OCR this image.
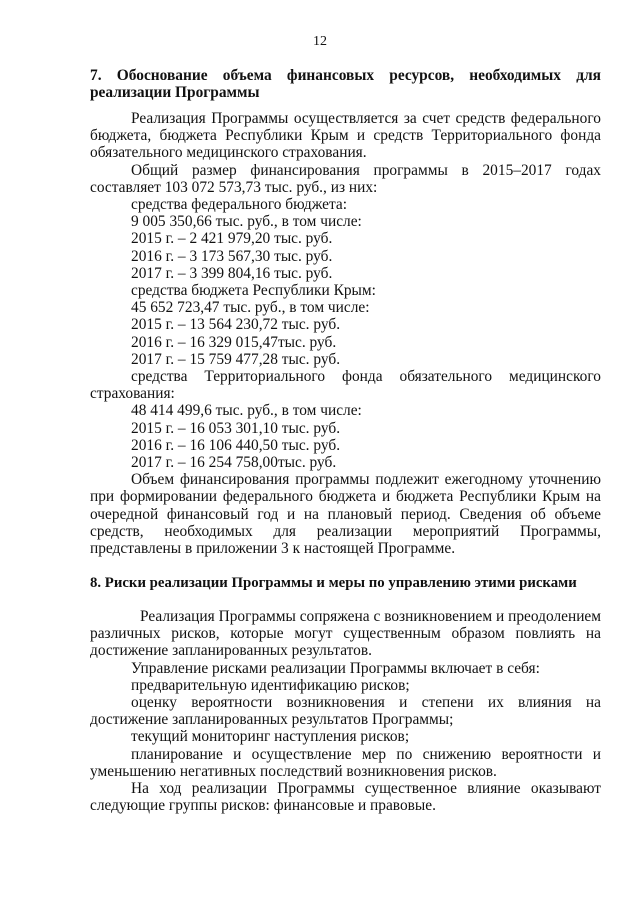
12

7. Обоснование объема финансовых ресурсов, необходимых для

реализации Программы

Реализация Программы осуществляется за счет средств федерального

бюджета, бюджета Республики Крым и средств Территориального фонда

обязательного медицинского страхования.

Общий размер финансирования программы в 2015–2017 годах

составляет 103 072 573,73 тыс. руб., из них:

средства федерального бюджета:

9 005 350,66 тыс. руб., в том числе:

2015 г. – 2 421 979,20 тыс. руб.

2016 г. – 3 173 567,30 тыс. руб.

2017 г. – 3 399 804,16 тыс. руб.

средства бюджета Республики Крым:

45 652 723,47 тыс. руб., в том числе:

2015 г. – 13 564 230,72 тыс. руб.

2016 г. – 16 329 015,47тыс. руб.

2017 г. – 15 759 477,28 тыс. руб.

средства Территориального фонда обязательного медицинского

страхования:

48 414 499,6 тыс. руб., в том числе:

2015 г. – 16 053 301,10 тыс. руб.

2016 г. – 16 106 440,50 тыс. руб.

2017 г. – 16 254 758,00тыс. руб.

Объем финансирования программы подлежит ежегодному уточнению

при формировании федерального бюджета и бюджета Республики Крым на

очередной финансовый год и на плановый период. Сведения об объеме

средств, необходимых для реализации мероприятий Программы,

представлены в приложении 3 к настоящей Программе.

8. Риски реализации Программы и меры по управлению этими рисками

Реализация Программы сопряжена с возникновением и преодолением

различных рисков, которые могут существенным образом повлиять на

достижение запланированных результатов.

Управление рисками реализации Программы включает в себя:

предварительную идентификацию рисков;

оценку вероятности возникновения и степени их влияния на

достижение запланированных результатов Программы;

текущий мониторинг наступления рисков;

планирование и осуществление мер по снижению вероятности и

уменьшению негативных последствий возникновения рисков.

На ход реализации Программы существенное влияние оказывают

следующие группы рисков: финансовые и правовые.
